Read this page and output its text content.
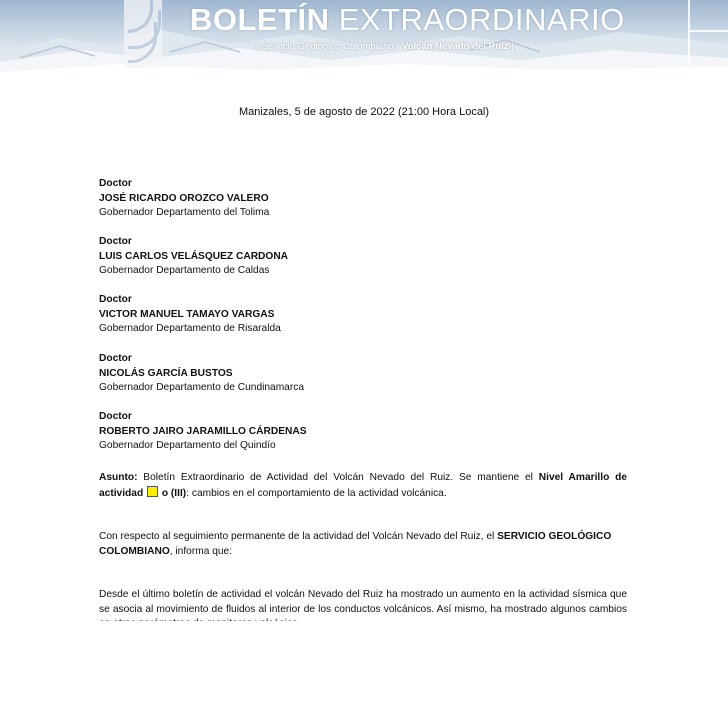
BOLETÍN EXTRAORDINARIO
| Servicio Geológico Colombiano - Volcán Nevado del Ruiz |
Manizales, 5 de agosto de 2022 (21:00 Hora Local)
Doctor
JOSÉ RICARDO OROZCO VALERO
Gobernador Departamento del Tolima
Doctor
LUIS CARLOS VELÁSQUEZ CARDONA
Gobernador Departamento de Caldas
Doctor
VICTOR MANUEL TAMAYO VARGAS
Gobernador Departamento de Risaralda
Doctor
NICOLÁS GARCÍA BUSTOS
Gobernador Departamento de Cundinamarca
Doctor
ROBERTO JAIRO JARAMILLO CÁRDENAS
Gobernador Departamento del Quindío
Asunto: Boletín Extraordinario de Actividad del Volcán Nevado del Ruiz. Se mantiene el Nivel Amarillo de actividad  o (III): cambios en el comportamiento de la actividad volcánica.
Con respecto al seguimiento permanente de la actividad del Volcán Nevado del Ruiz, el SERVICIO GEOLÓGICO COLOMBIANO, informa que:
Desde el último boletín de actividad el volcán Nevado del Ruiz ha mostrado un aumento en la actividad sísmica que se asocia al movimiento de fluidos al interior de los conductos volcánicos. Así mismo, ha mostrado algunos cambios
